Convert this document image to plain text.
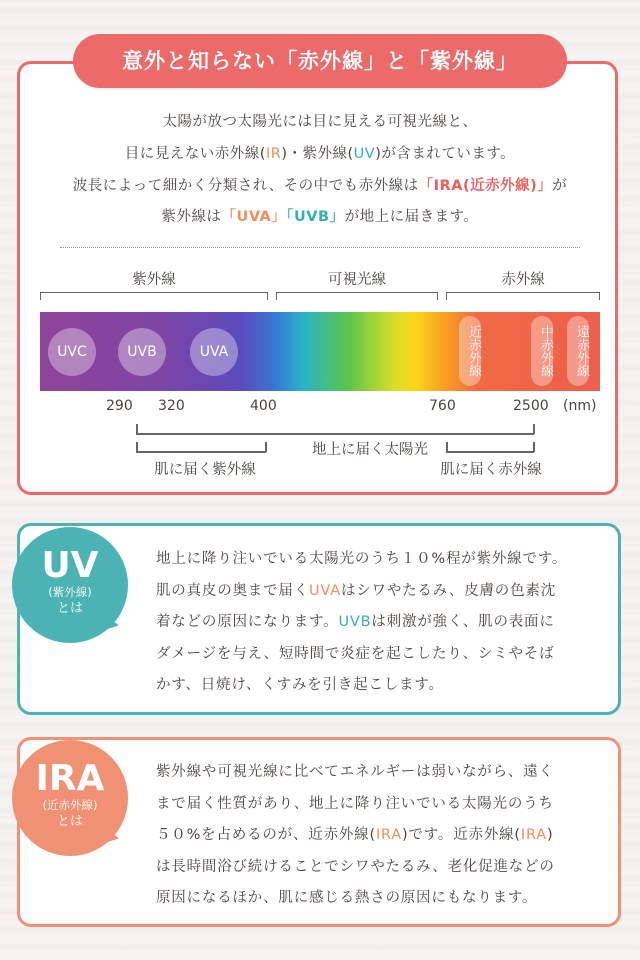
意外と知らない「赤外線」と「紫外線」
太陽が放つ太陽光には目に見える可視光線と、
目に見えない赤外線(IR)・紫外線(UV)が含まれています。
波長によって細かく分類され、その中でも赤外線は「IRA(近赤外線)」が
紫外線は「UVA」「UVB」が地上に届きます。
紫外線	可視光線	赤外線
UVC	UVB	UVA	近赤外線	中赤外線	遠赤外線
290 320	400	760	2500 (nm)
地上に届く太陽光
肌に届く紫外線	肌に届く赤外線
UV
(紫外線)
とは
地上に降り注いでいる太陽光のうち１０%程が紫外線です。
肌の真皮の奥まで届くUVAはシワやたるみ、皮膚の色素沈
着などの原因になります。UVBは刺激が強く、肌の表面に
ダメージを与え、短時間で炎症を起こしたり、シミやそば
かす、日焼け、くすみを引き起こします。
IRA
(近赤外線)
とは
紫外線や可視光線に比べてエネルギーは弱いながら、遠く
まで届く性質があり、地上に降り注いでいる太陽光のうち
５０%を占めるのが、近赤外線(IRA)です。近赤外線(IRA)
は長時間浴び続けることでシワやたるみ、老化促進などの
原因になるほか、肌に感じる熱さの原因にもなります。
